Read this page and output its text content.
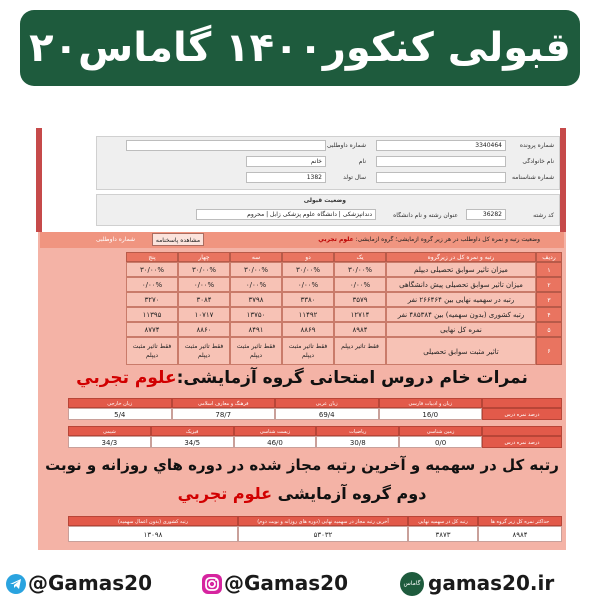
قبولی کنکور۱۴۰۰ گاماس۲۰
شماره پرونده
3340464
شماره داوطلبی
نام خانوادگی
نام
خانم
شماره شناسنامه
سال تولد
1382
وضعیت قبولی
کد رشته
36282
عنوان رشته و نام دانشگاه
دندانپزشکی | دانشگاه علوم پزشکی زابل | محروم
وضعیت رتبه و نمره کل داوطلب در هر زیر گروه آزمایشی؛ گروه آزمایشی: علوم تجربي
مشاهده پاسخنامه
شماره داوطلبی
ردیف
رتبه و نمره کل در زیرگروه
یک
دو
سه
چهار
پنج
۱
میزان تاثیر سوابق تحصیلی دیپلم
۳۰/۰۰%
۳۰/۰۰%
۳۰/۰۰%
۳۰/۰۰%
۳۰/۰۰%
۲
میزان تاثیر سوابق تحصیلی پیش دانشگاهی
۰/۰۰%
۰/۰۰%
۰/۰۰%
۰/۰۰%
۰/۰۰%
۳
رتبه در سهمیه نهایی بین ۲۶۶۴۶۴ نفر
۳۵۷۹
۳۳۸۰
۳۷۹۸
۳۰۸۴
۳۲۷۰
۴
رتبه کشوری (بدون سهمیه) بین ۴۸۵۳۸۴ نفر
۱۲۷۱۴
۱۱۴۹۲
۱۳۷۵۰
۱۰۷۱۷
۱۱۳۹۵
۵
نمره کل نهایی
۸۹۸۴
۸۸۶۹
۸۴۹۱
۸۸۶۰
۸۷۷۴
۶
تاثیر مثبت سوابق تحصیلی
فقط تاثیر دیپلم
فقط تاثیر مثبت دیپلم
فقط تاثیر مثبت دیپلم
فقط تاثیر مثبت دیپلم
فقط تاثیر مثبت دیپلم
نمرات خام دروس امتحانی گروه آزمایشی:علوم تجربي
درصد نمره درس
زبان و ادبیات فارسی
16/0
زبان عربی
69/4
فرهنگ و معارف اسلامی
78/7
زبان خارجی
5/4
درصد نمره درس
زمین شناسی
0/0
ریاضیات
30/8
زیست شناسی
46/0
فیزیک
34/5
شیمی
34/3
رتبه کل در سهمیه و آخرین رتبه مجاز شده در دوره هاي روزانه و نوبت
دوم گروه آزمایشی علوم تجربي
حداکثر نمره کل زیر گروه ها
۸۹۸۴
رتبه کل در سهمیه نهایی
۳۸۷۳
آخرین رتبه مجاز در سهمیه نهایی (دوره های روزانه و نوبت دوم)
۵۳۰۳۲
رتبه کشوری (بدون اعمال سهمیه)
۱۳۰۹۸
@Gamas20	@Gamas20	گاماس gamas20.ir
